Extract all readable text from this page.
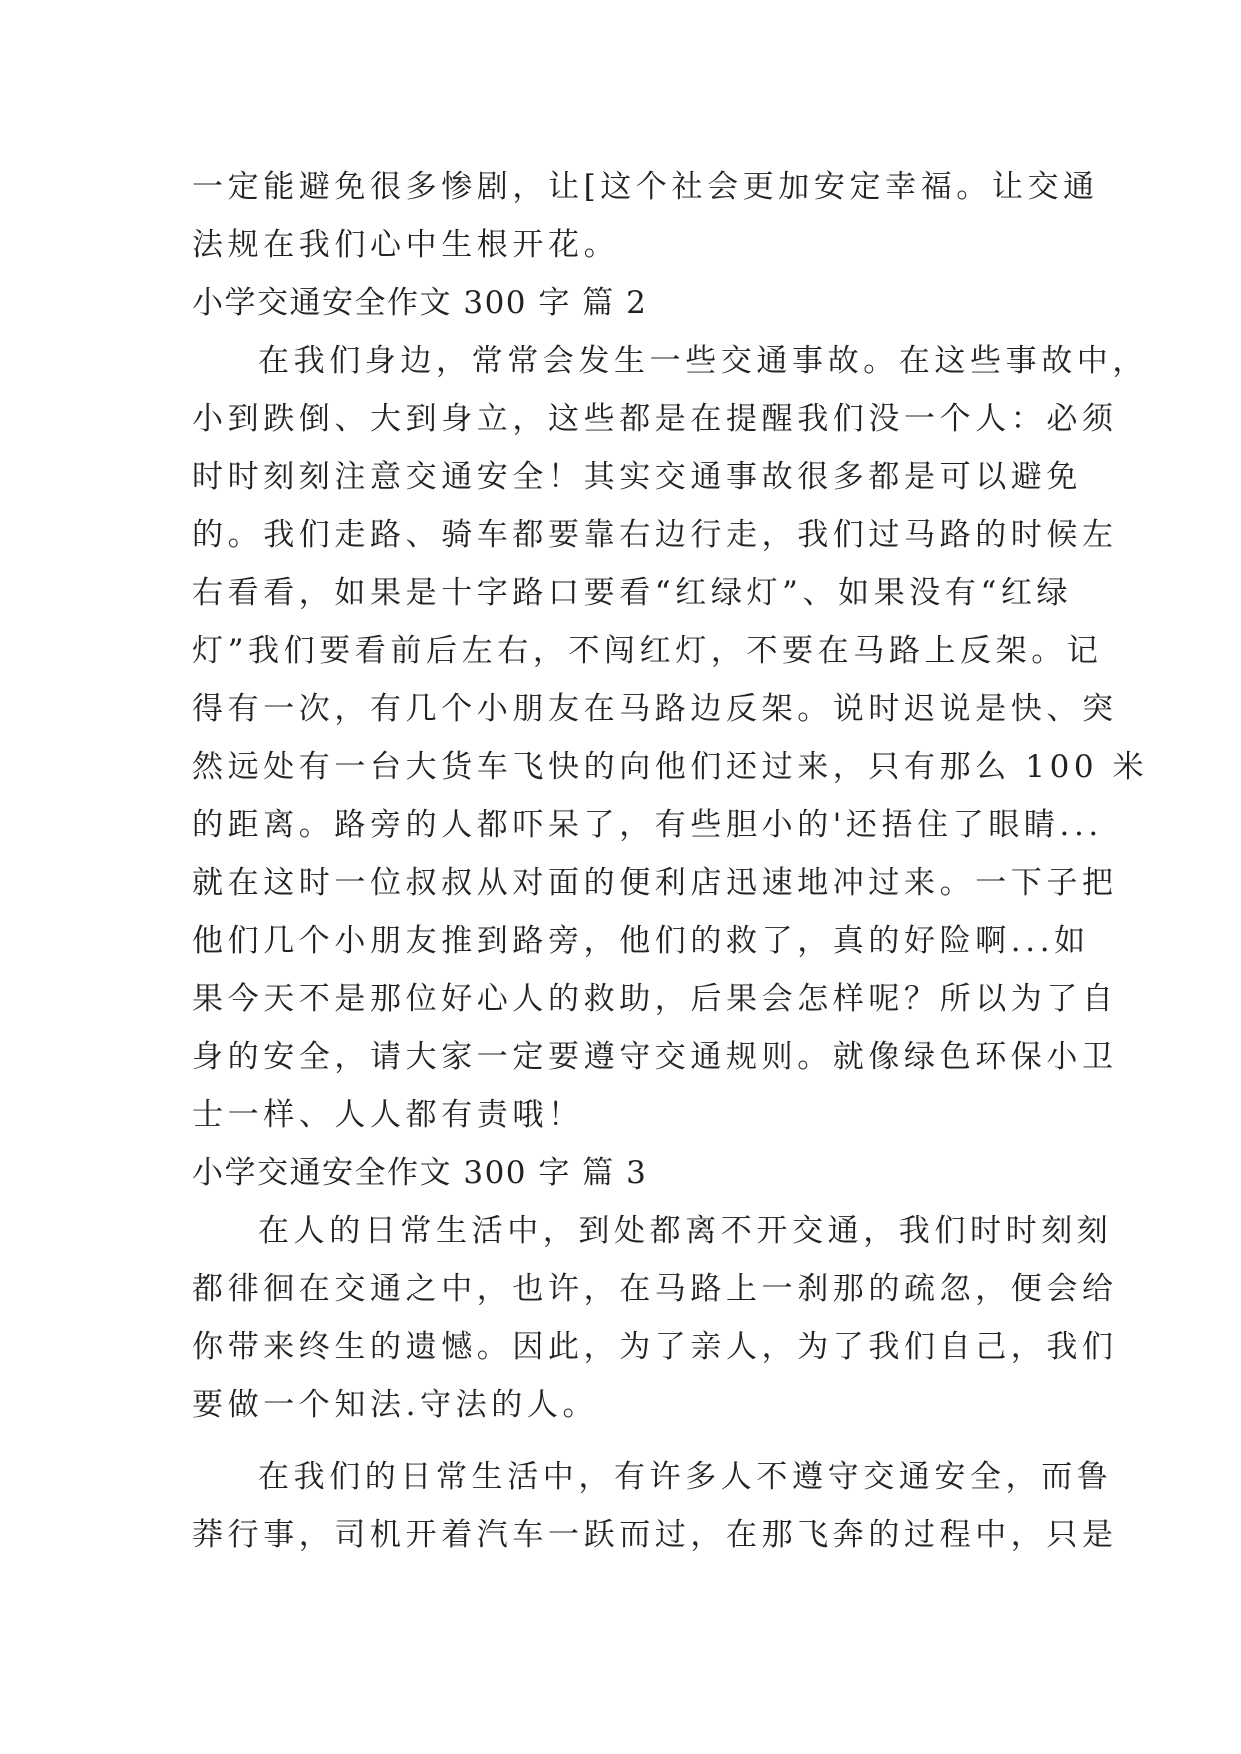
一定能避免很多惨剧，让[这个社会更加安定幸福。让交通
法规在我们心中生根开花。
小学交通安全作文 300 字 篇 2
在我们身边，常常会发生一些交通事故。在这些事故中，
小到跌倒、大到身立，这些都是在提醒我们没一个人：必须
时时刻刻注意交通安全！其实交通事故很多都是可以避免
的。我们走路、骑车都要靠右边行走，我们过马路的时候左
右看看，如果是十字路口要看“红绿灯”、如果没有“红绿
灯”我们要看前后左右，不闯红灯，不要在马路上反架。记
得有一次，有几个小朋友在马路边反架。说时迟说是快、突
然远处有一台大货车飞快的向他们还过来，只有那么 100 米
的距离。路旁的人都吓呆了，有些胆小的'还捂住了眼睛...
就在这时一位叔叔从对面的便利店迅速地冲过来。一下子把
他们几个小朋友推到路旁，他们的救了，真的好险啊...如
果今天不是那位好心人的救助，后果会怎样呢？所以为了自
身的安全，请大家一定要遵守交通规则。就像绿色环保小卫
士一样、人人都有责哦！
小学交通安全作文 300 字 篇 3
在人的日常生活中，到处都离不开交通，我们时时刻刻
都徘徊在交通之中，也许，在马路上一刹那的疏忽，便会给
你带来终生的遗憾。因此，为了亲人，为了我们自己，我们
要做一个知法.守法的人。
在我们的日常生活中，有许多人不遵守交通安全，而鲁
莽行事，司机开着汽车一跃而过，在那飞奔的过程中，只是
